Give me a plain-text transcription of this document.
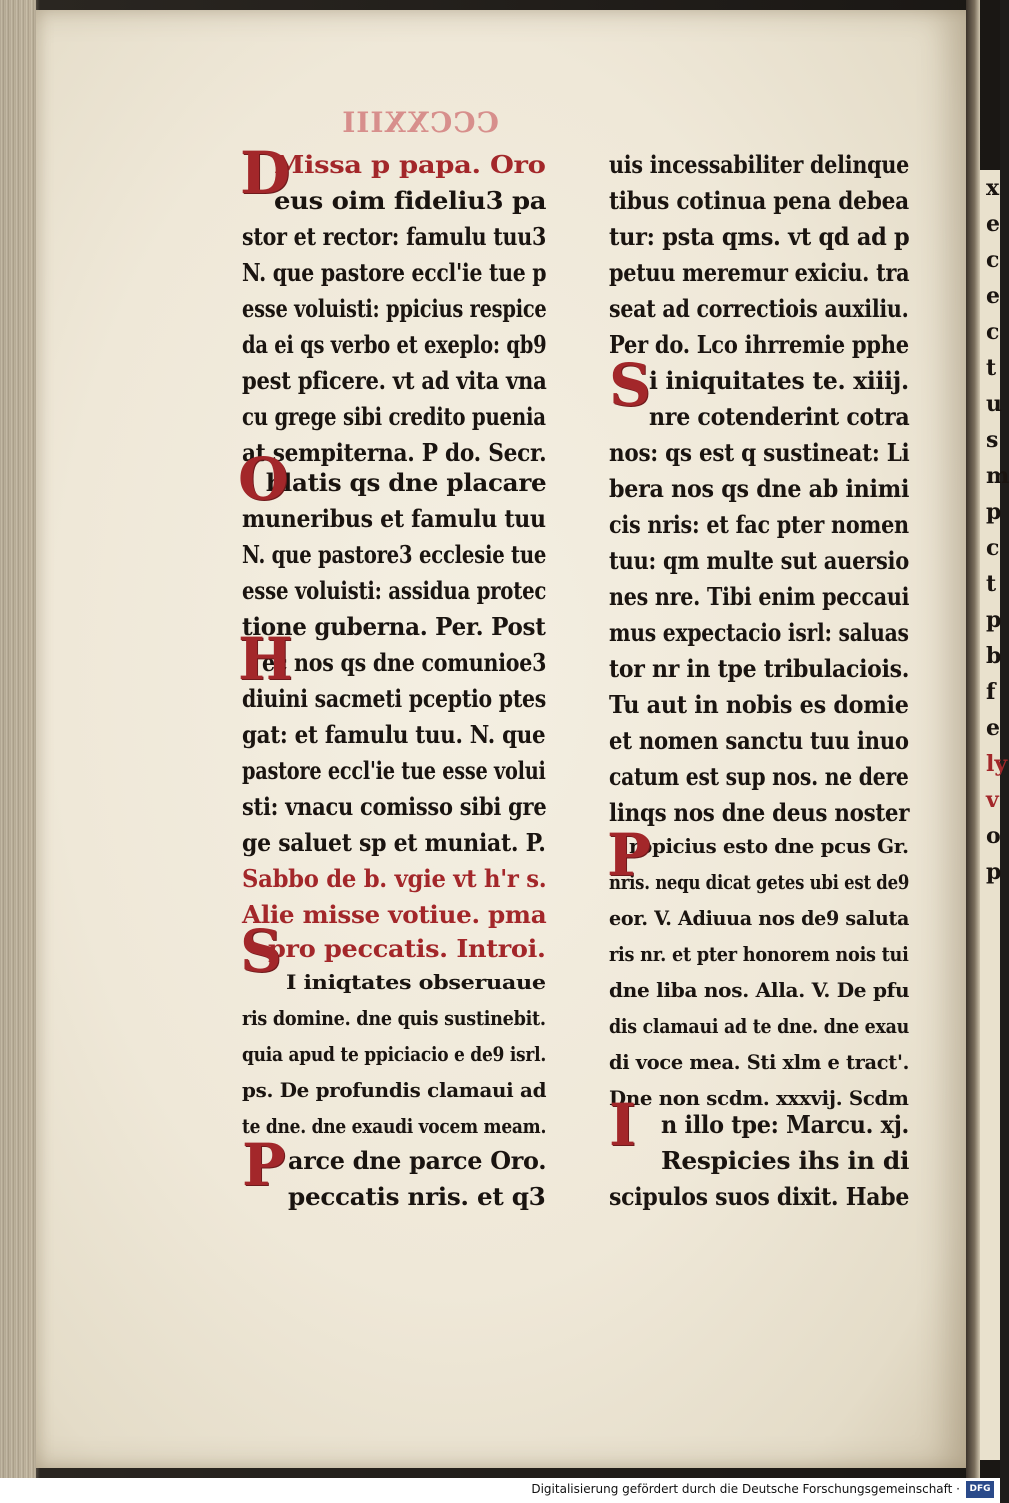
CCCXXIII
Missa p papa. Oro
eus oim fideliu3 pa
stor et rector: famulu tuu3
N. que pastore eccl'ie tue p
esse voluisti: ppicius respice
da ei qs verbo et exeplo: qb9
pest pficere. vt ad vita vna
cu grege sibi credito puenia
at sempiterna. P do. Secr.
blatis qs dne placare
muneribus et famulu tuu
N. que pastore3 ecclesie tue
esse voluisti: assidua protec
tione guberna. Per. Post
ec nos qs dne comunioe3
diuini sacmeti pceptio ptes
gat: et famulu tuu. N. que
pastore eccl'ie tue esse volui
sti: vnacu comisso sibi gre
ge saluet sp et muniat. P.
Sabbo de b. vgie vt h'r s.
Alie misse votiue. pma
pro peccatis. Introi.
I iniqtates obseruaue
ris domine. dne quis sustinebit.
quia apud te ppiciacio e de9 isrl.
ps. De profundis clamaui ad
te dne. dne exaudi vocem meam.
arce dne parce Oro.
peccatis nris. et q3
D
O
H
S
P
uis incessabiliter delinque
tibus cotinua pena debea
tur: psta qms. vt qd ad p
petuu meremur exiciu. tra
seat ad correctiois auxiliu.
Per do. Lco ihrremie pphe
i iniquitates te. xiiij.
nre cotenderint cotra
nos: qs est q sustineat: Li
bera nos qs dne ab inimi
cis nris: et fac pter nomen
tuu: qm multe sut auersio
nes nre. Tibi enim peccaui
mus expectacio isrl: saluas
tor nr in tpe tribulaciois.
Tu aut in nobis es domie
et nomen sanctu tuu inuo
catum est sup nos. ne dere
linqs nos dne deus noster
ropicius esto dne pcus Gr.
nris. nequ dicat getes ubi est de9
eor. V. Adiuua nos de9 saluta
ris nr. et pter honorem nois tui
dne liba nos. Alla. V. De pfu
dis clamaui ad te dne. dne exau
di voce mea. Sti xlm e tract'.
Dne non scdm. xxxvij. Scdm
n illo tpe: Marcu. xj.
Respicies ihs in di
scipulos suos dixit. Habe
S
P
I
x
e
c
e
c
t
u
s
m
p
c
t
p
b
f
e
ly
v
o
p
Digitalisierung gefördert durch die Deutsche Forschungsgemeinschaft ·	DFG
